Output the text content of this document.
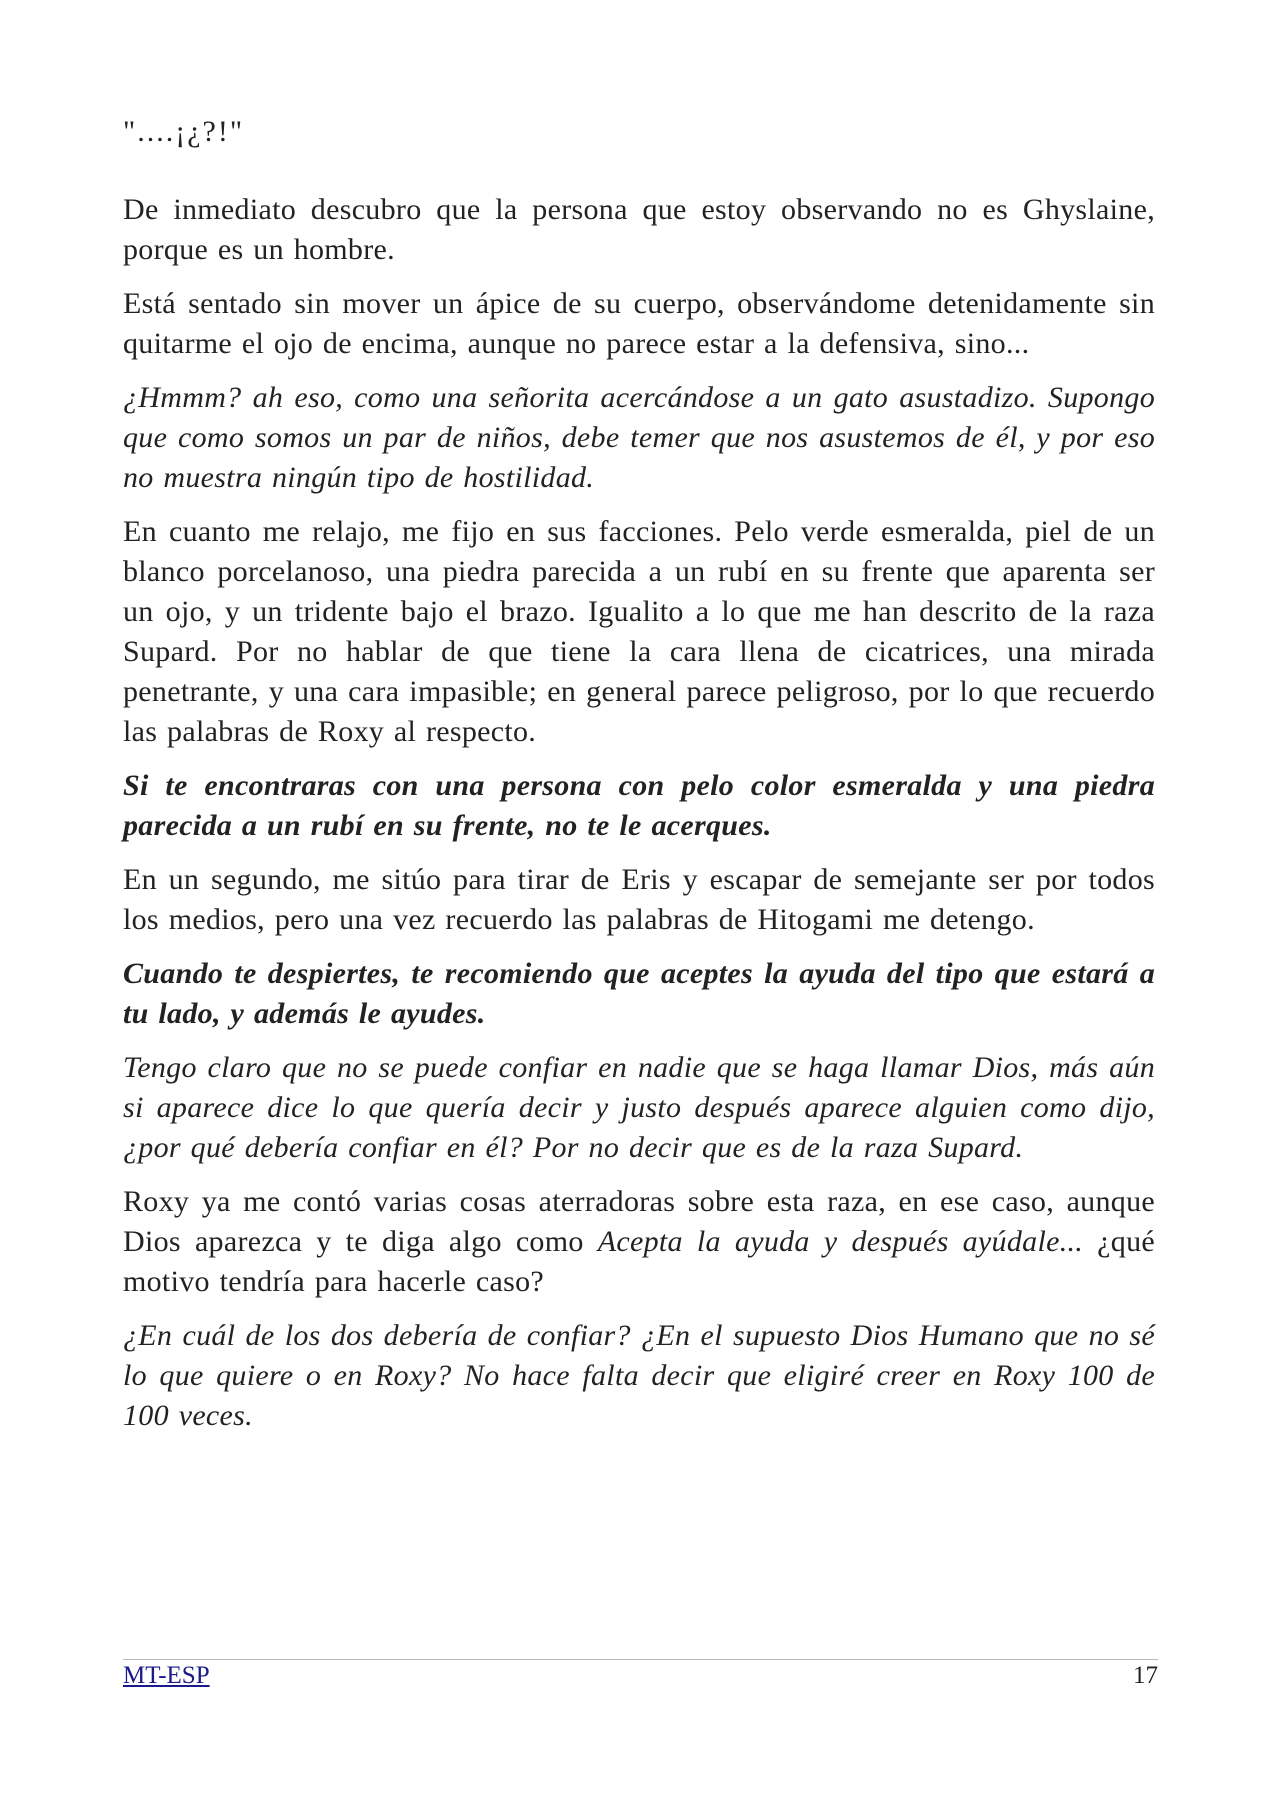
"....¡¿?!"

De inmediato descubro que la persona que estoy observando no es Ghyslaine, porque es un hombre.

Está sentado sin mover un ápice de su cuerpo, observándome detenidamente sin quitarme el ojo de encima, aunque no parece estar a la defensiva, sino...

¿Hmmm? ah eso, como una señorita acercándose a un gato asustadizo. Supongo que como somos un par de niños, debe temer que nos asustemos de él, y por eso no muestra ningún tipo de hostilidad.

En cuanto me relajo, me fijo en sus facciones. Pelo verde esmeralda, piel de un blanco porcelanoso, una piedra parecida a un rubí en su frente que aparenta ser un ojo, y un tridente bajo el brazo. Igualito a lo que me han descrito de la raza Supard. Por no hablar de que tiene la cara llena de cicatrices, una mirada penetrante, y una cara impasible; en general parece peligroso, por lo que recuerdo las palabras de Roxy al respecto.

Si te encontraras con una persona con pelo color esmeralda y una piedra parecida a un rubí en su frente, no te le acerques.

En un segundo, me sitúo para tirar de Eris y escapar de semejante ser por todos los medios, pero una vez recuerdo las palabras de Hitogami me detengo.

Cuando te despiertes, te recomiendo que aceptes la ayuda del tipo que estará a tu lado, y además le ayudes.

Tengo claro que no se puede confiar en nadie que se haga llamar Dios, más aún si aparece dice lo que quería decir y justo después aparece alguien como dijo, ¿por qué debería confiar en él? Por no decir que es de la raza Supard.

Roxy ya me contó varias cosas aterradoras sobre esta raza, en ese caso, aunque Dios aparezca y te diga algo como Acepta la ayuda y después ayúdale... ¿qué motivo tendría para hacerle caso?

¿En cuál de los dos debería de confiar? ¿En el supuesto Dios Humano que no sé lo que quiere o en Roxy? No hace falta decir que eligiré creer en Roxy 100 de 100 veces.

MT-ESP	17
